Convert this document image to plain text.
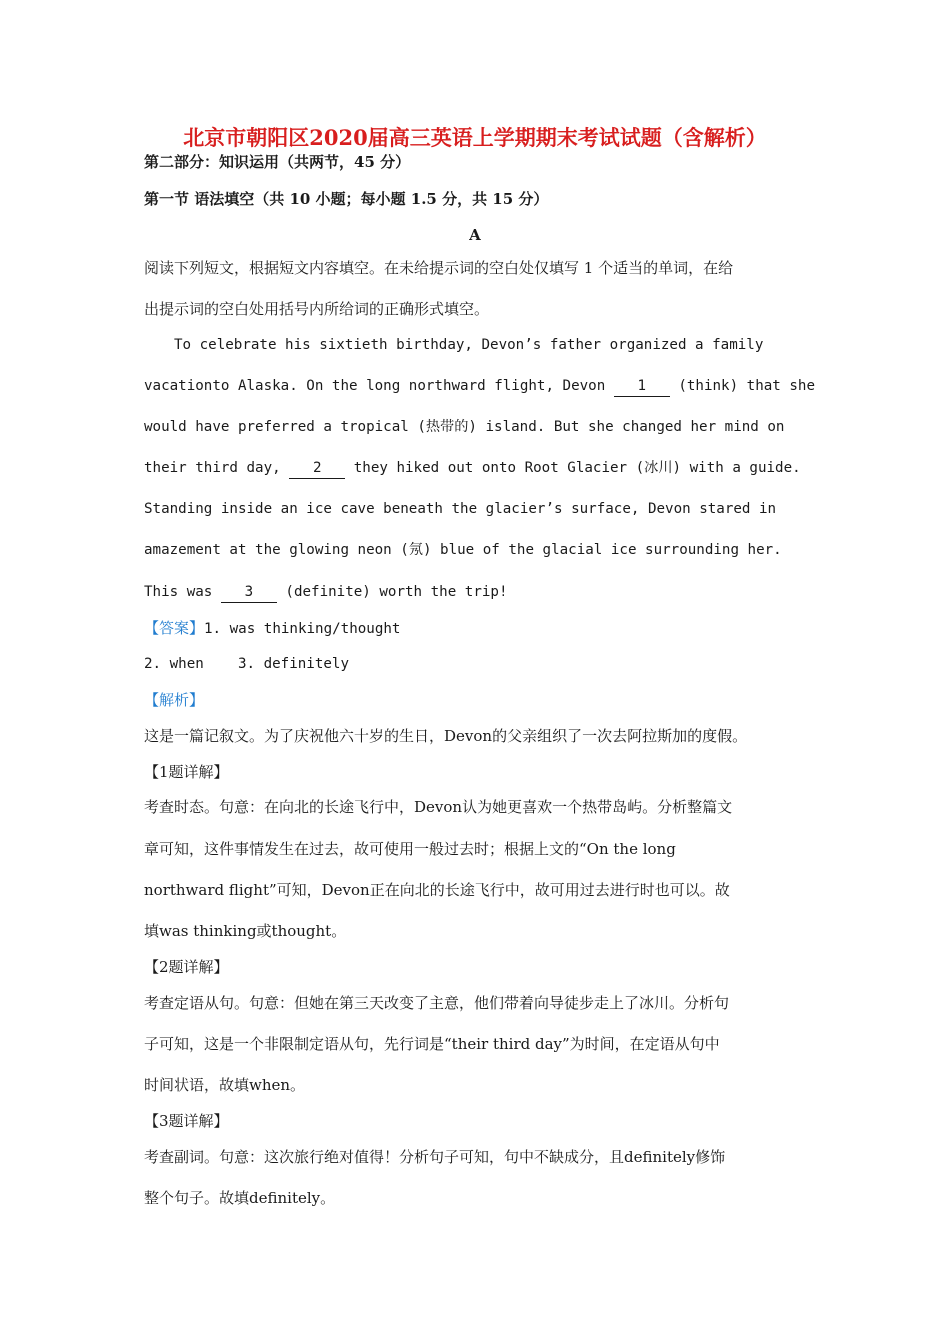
北京市朝阳区2020届高三英语上学期期末考试试题（含解析）
第二部分：知识运用（共两节，45 分）
第一节 语法填空（共 10 小题；每小题 1.5 分，共 15 分）
A
阅读下列短文，根据短文内容填空。在未给提示词的空白处仅填写 1 个适当的单词，在给
出提示词的空白处用括号内所给词的正确形式填空。
To celebrate his sixtieth birthday, Devon’s father organized a family
vacationto Alaska. On the long northward flight, Devon 1 (think) that she
would have preferred a tropical (热带的) island. But she changed her mind on
their third day, 2 they hiked out onto Root Glacier (冰川) with a guide.
Standing inside an ice cave beneath the glacier’s surface, Devon stared in
amazement at the glowing neon (氖) blue of the glacial ice surrounding her.
This was 3 (definite) worth the trip!
【答案】1. was thinking/thought
2. when    3. definitely
【解析】
这是一篇记叙文。为了庆祝他六十岁的生日，Devon的父亲组织了一次去阿拉斯加的度假。
【1题详解】
考查时态。句意：在向北的长途飞行中，Devon认为她更喜欢一个热带岛屿。分析整篇文
章可知，这件事情发生在过去，故可使用一般过去时；根据上文的“On the long
northward flight”可知，Devon正在向北的长途飞行中，故可用过去进行时也可以。故
填was thinking或thought。
【2题详解】
考查定语从句。句意：但她在第三天改变了主意，他们带着向导徒步走上了冰川。分析句
子可知，这是一个非限制定语从句，先行词是“their third day”为时间，在定语从句中
时间状语，故填when。
【3题详解】
考查副词。句意：这次旅行绝对值得！分析句子可知，句中不缺成分，且definitely修饰
整个句子。故填definitely。
